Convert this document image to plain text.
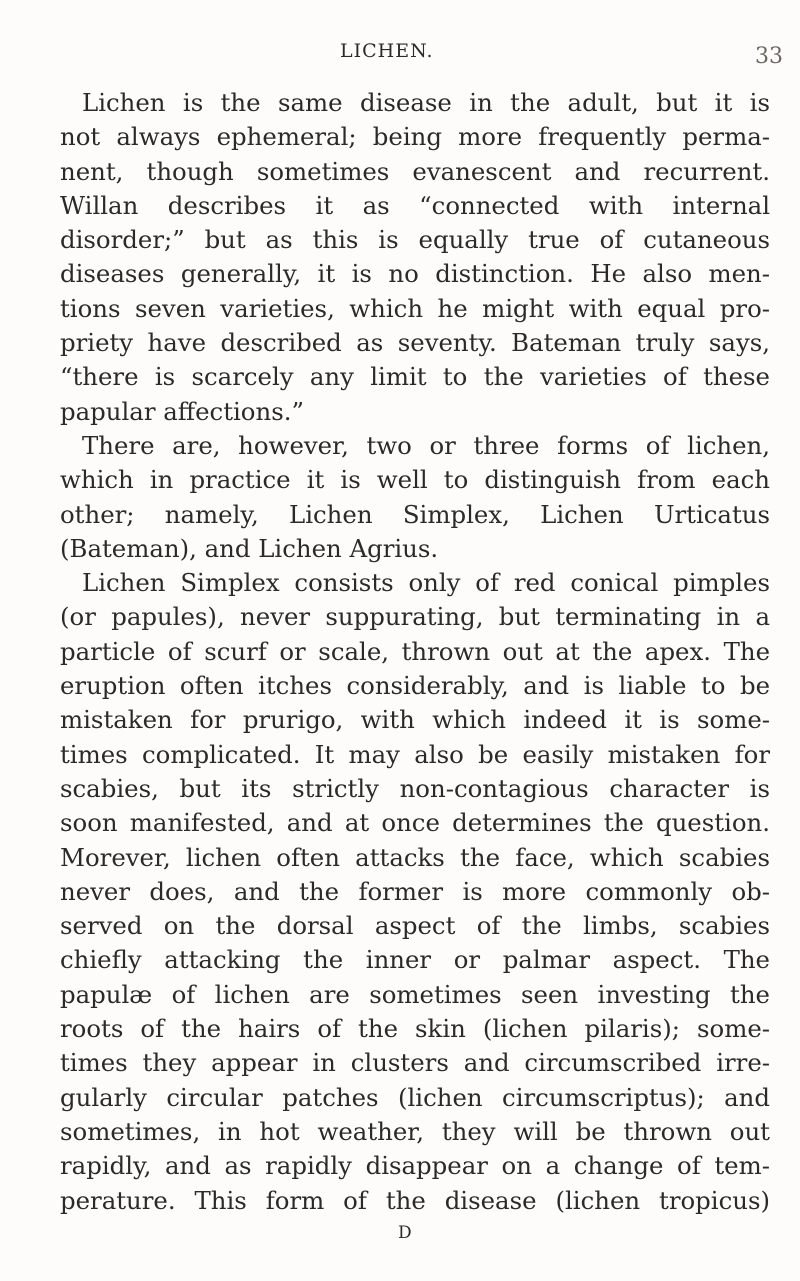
LICHEN.	33
Lichen is the same disease in the adult, but it is
not always ephemeral; being more frequently perma-
nent, though sometimes evanescent and recurrent.
Willan describes it as “connected with internal
disorder;” but as this is equally true of cutaneous
diseases generally, it is no distinction. He also men-
tions seven varieties, which he might with equal pro-
priety have described as seventy. Bateman truly says,
“there is scarcely any limit to the varieties of these
papular affections.”
There are, however, two or three forms of lichen,
which in practice it is well to distinguish from each
other; namely, Lichen Simplex, Lichen Urticatus
(Bateman), and Lichen Agrius.
Lichen Simplex consists only of red conical pimples
(or papules), never suppurating, but terminating in a
particle of scurf or scale, thrown out at the apex. The
eruption often itches considerably, and is liable to be
mistaken for prurigo, with which indeed it is some-
times complicated. It may also be easily mistaken for
scabies, but its strictly non-contagious character is
soon manifested, and at once determines the question.
Morever, lichen often attacks the face, which scabies
never does, and the former is more commonly ob-
served on the dorsal aspect of the limbs, scabies
chiefly attacking the inner or palmar aspect. The
papulæ of lichen are sometimes seen investing the
roots of the hairs of the skin (lichen pilaris); some-
times they appear in clusters and circumscribed irre-
gularly circular patches (lichen circumscriptus); and
sometimes, in hot weather, they will be thrown out
rapidly, and as rapidly disappear on a change of tem-
perature. This form of the disease (lichen tropicus)
D
